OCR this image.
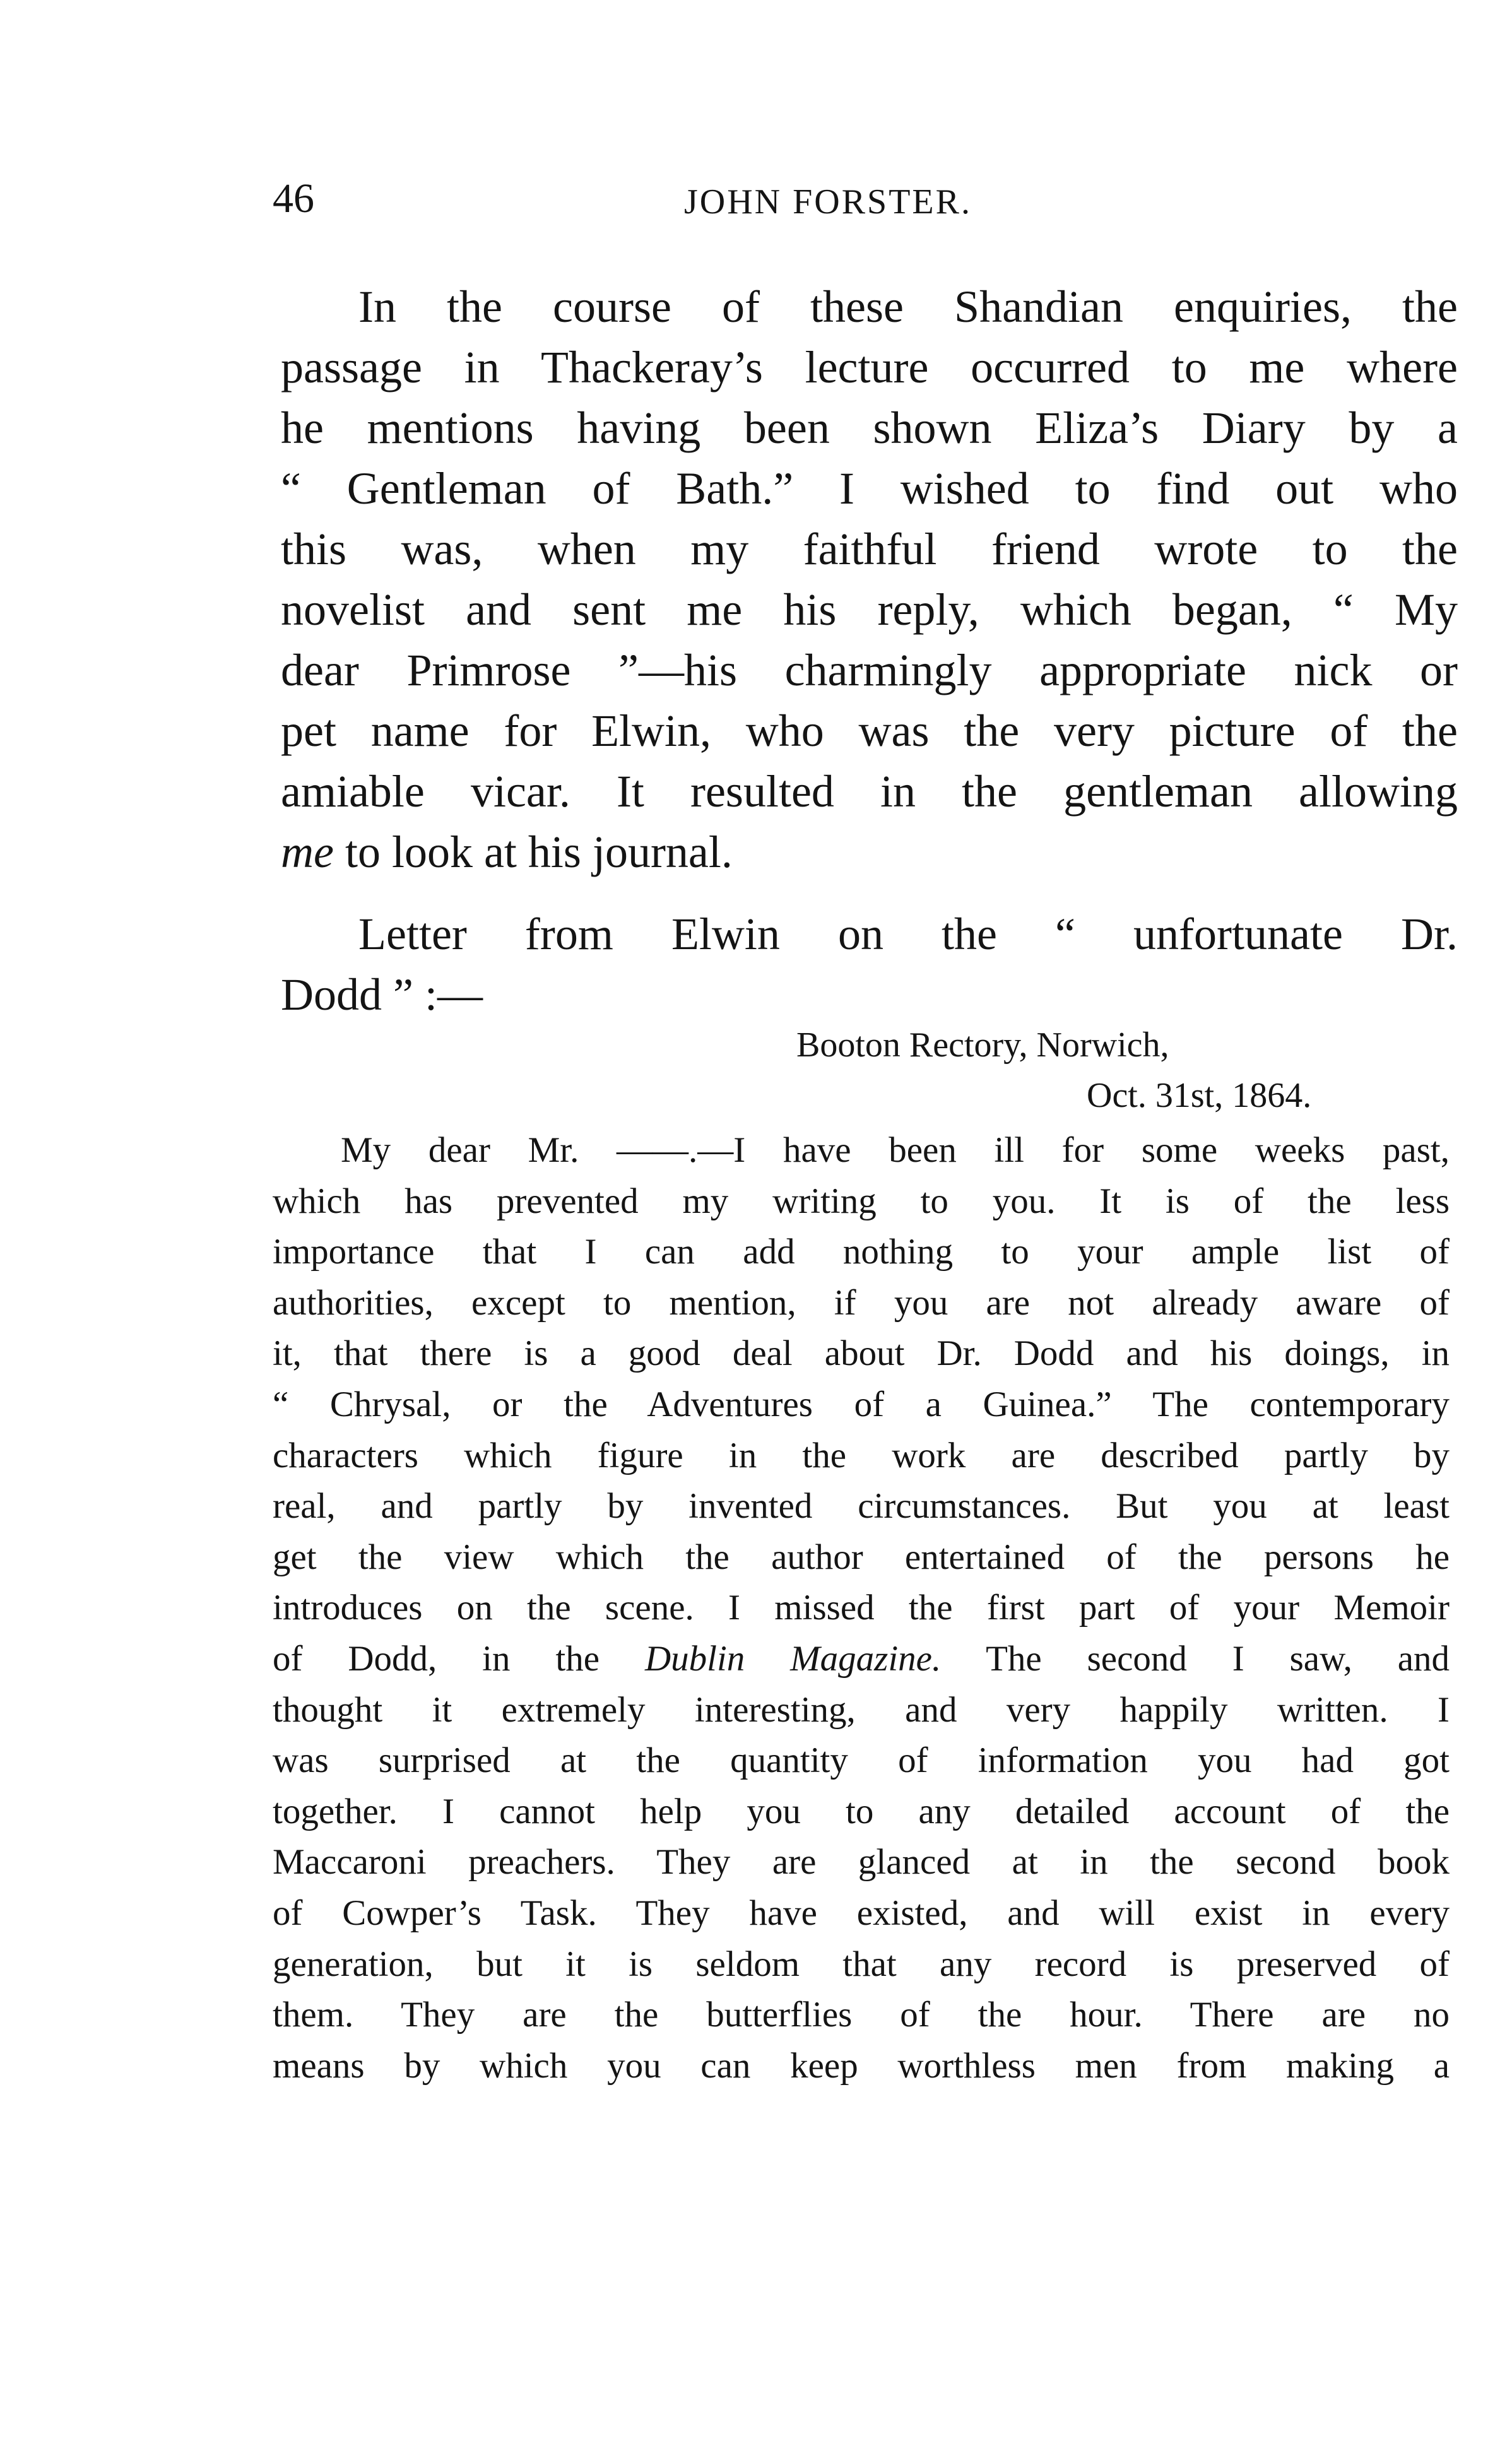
46	JOHN FORSTER.
In the course of these Shandian enquiries, the
passage in Thackeray’s lecture occurred to me where
he mentions having been shown Eliza’s Diary by a
“ Gentleman of Bath.” I wished to find out who
this was, when my faithful friend wrote to the
novelist and sent me his reply, which began, “ My
dear Primrose ”—his charmingly appropriate nick or
pet name for Elwin, who was the very picture of the
amiable vicar. It resulted in the gentleman allowing
me to look at his journal.
Letter from Elwin on the “ unfortunate Dr.
Dodd ” :—
Booton Rectory, Norwich,
Oct. 31st, 1864.
My dear Mr. ——.—I have been ill for some weeks past,
which has prevented my writing to you. It is of the less
importance that I can add nothing to your ample list of
authorities, except to mention, if you are not already aware of
it, that there is a good deal about Dr. Dodd and his doings, in
“ Chrysal, or the Adventures of a Guinea.” The contemporary
characters which figure in the work are described partly by
real, and partly by invented circumstances. But you at least
get the view which the author entertained of the persons he
introduces on the scene. I missed the first part of your Memoir
of Dodd, in the Dublin Magazine. The second I saw, and
thought it extremely interesting, and very happily written. I
was surprised at the quantity of information you had got
together. I cannot help you to any detailed account of the
Maccaroni preachers. They are glanced at in the second book
of Cowper’s Task. They have existed, and will exist in every
generation, but it is seldom that any record is preserved of
them. They are the butterflies of the hour. There are no
means by which you can keep worthless men from making a
